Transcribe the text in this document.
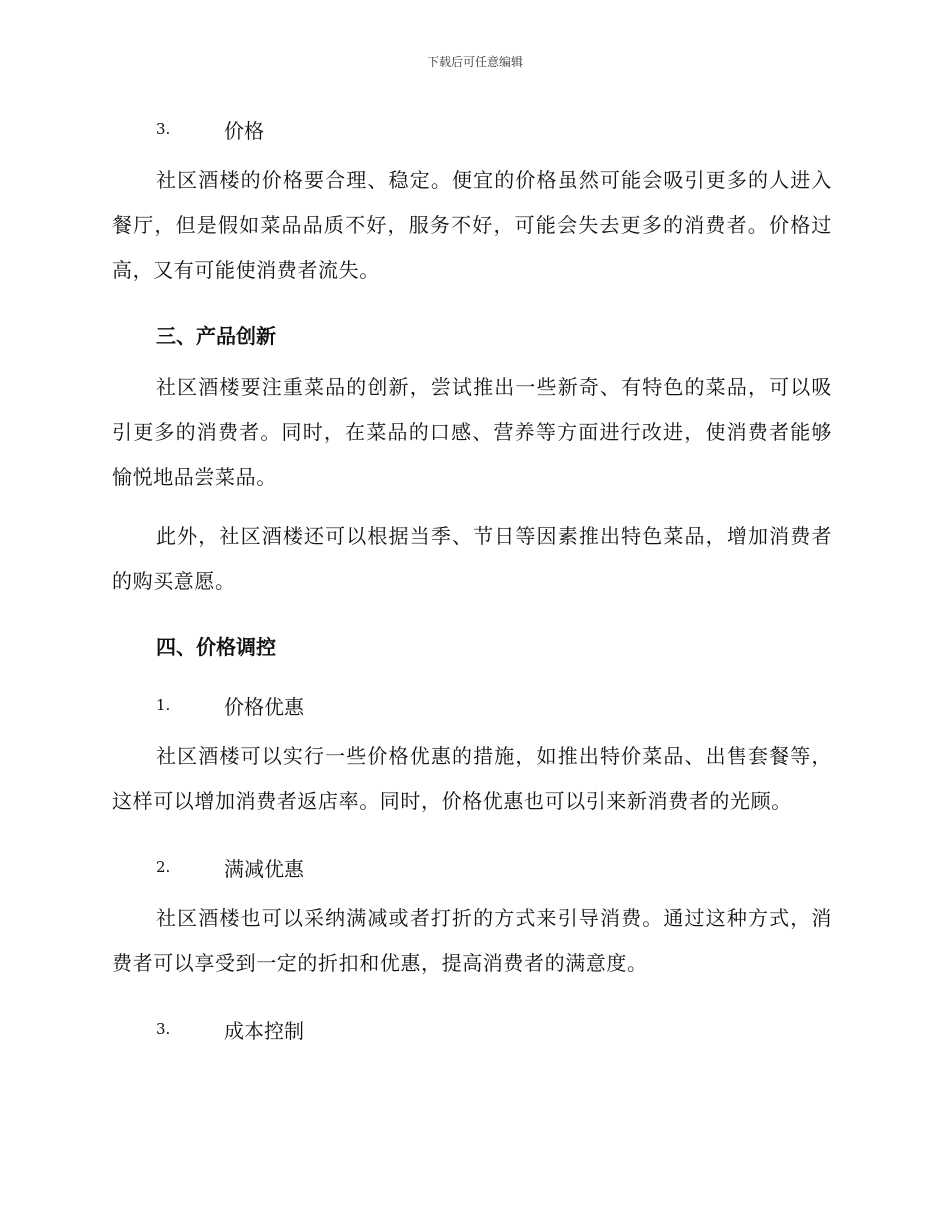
下载后可任意编辑
3.	价格

社区酒楼的价格要合理、稳定。便宜的价格虽然可能会吸引更多的人进入餐厅，但是假如菜品品质不好，服务不好，可能会失去更多的消费者。价格过高，又有可能使消费者流失。

三、产品创新

社区酒楼要注重菜品的创新，尝试推出一些新奇、有特色的菜品，可以吸引更多的消费者。同时，在菜品的口感、营养等方面进行改进，使消费者能够愉悦地品尝菜品。

此外，社区酒楼还可以根据当季、节日等因素推出特色菜品，增加消费者的购买意愿。

四、价格调控
1.	价格优惠

社区酒楼可以实行一些价格优惠的措施，如推出特价菜品、出售套餐等，这样可以增加消费者返店率。同时，价格优惠也可以引来新消费者的光顾。

2.	满减优惠

社区酒楼也可以采纳满减或者打折的方式来引导消费。通过这种方式，消费者可以享受到一定的折扣和优惠，提高消费者的满意度。

3.	成本控制
